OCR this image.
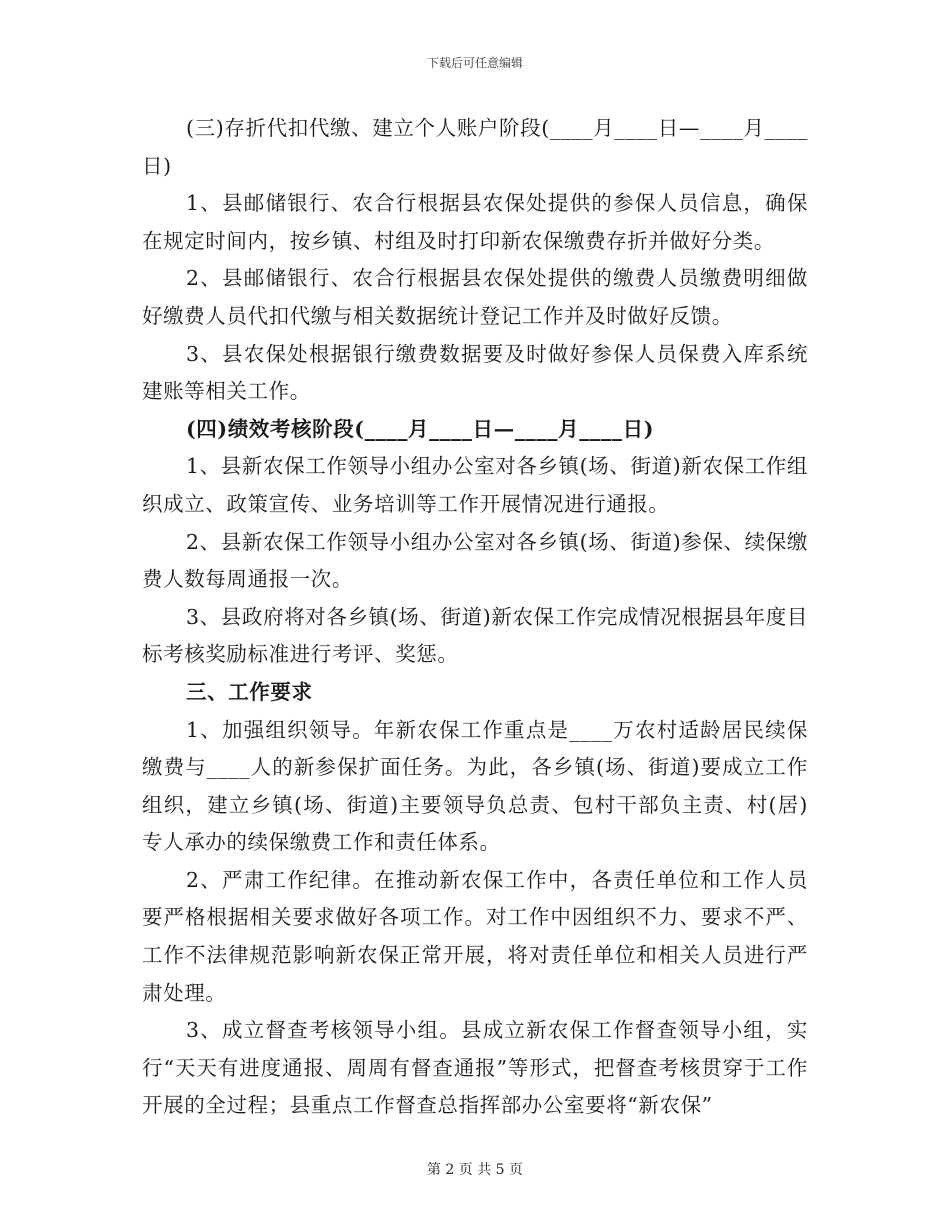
下载后可任意编辑

(三)存折代扣代缴、建立个人账户阶段(____月____日—____月____日)

1、县邮储银行、农合行根据县农保处提供的参保人员信息，确保在规定时间内，按乡镇、村组及时打印新农保缴费存折并做好分类。

2、县邮储银行、农合行根据县农保处提供的缴费人员缴费明细做好缴费人员代扣代缴与相关数据统计登记工作并及时做好反馈。

3、县农保处根据银行缴费数据要及时做好参保人员保费入库系统建账等相关工作。

(四)绩效考核阶段(____月____日—____月____日)

1、县新农保工作领导小组办公室对各乡镇(场、街道)新农保工作组织成立、政策宣传、业务培训等工作开展情况进行通报。

2、县新农保工作领导小组办公室对各乡镇(场、街道)参保、续保缴费人数每周通报一次。

3、县政府将对各乡镇(场、街道)新农保工作完成情况根据县年度目标考核奖励标准进行考评、奖惩。

三、工作要求

1、加强组织领导。年新农保工作重点是____万农村适龄居民续保缴费与____人的新参保扩面任务。为此，各乡镇(场、街道)要成立工作组织，建立乡镇(场、街道)主要领导负总责、包村干部负主责、村(居)专人承办的续保缴费工作和责任体系。

2、严肃工作纪律。在推动新农保工作中，各责任单位和工作人员要严格根据相关要求做好各项工作。对工作中因组织不力、要求不严、工作不法律规范影响新农保正常开展，将对责任单位和相关人员进行严肃处理。

3、成立督查考核领导小组。县成立新农保工作督查领导小组，实行“天天有进度通报、周周有督查通报”等形式，把督查考核贯穿于工作开展的全过程；县重点工作督查总指挥部办公室要将“新农保”

第 2 页 共 5 页
